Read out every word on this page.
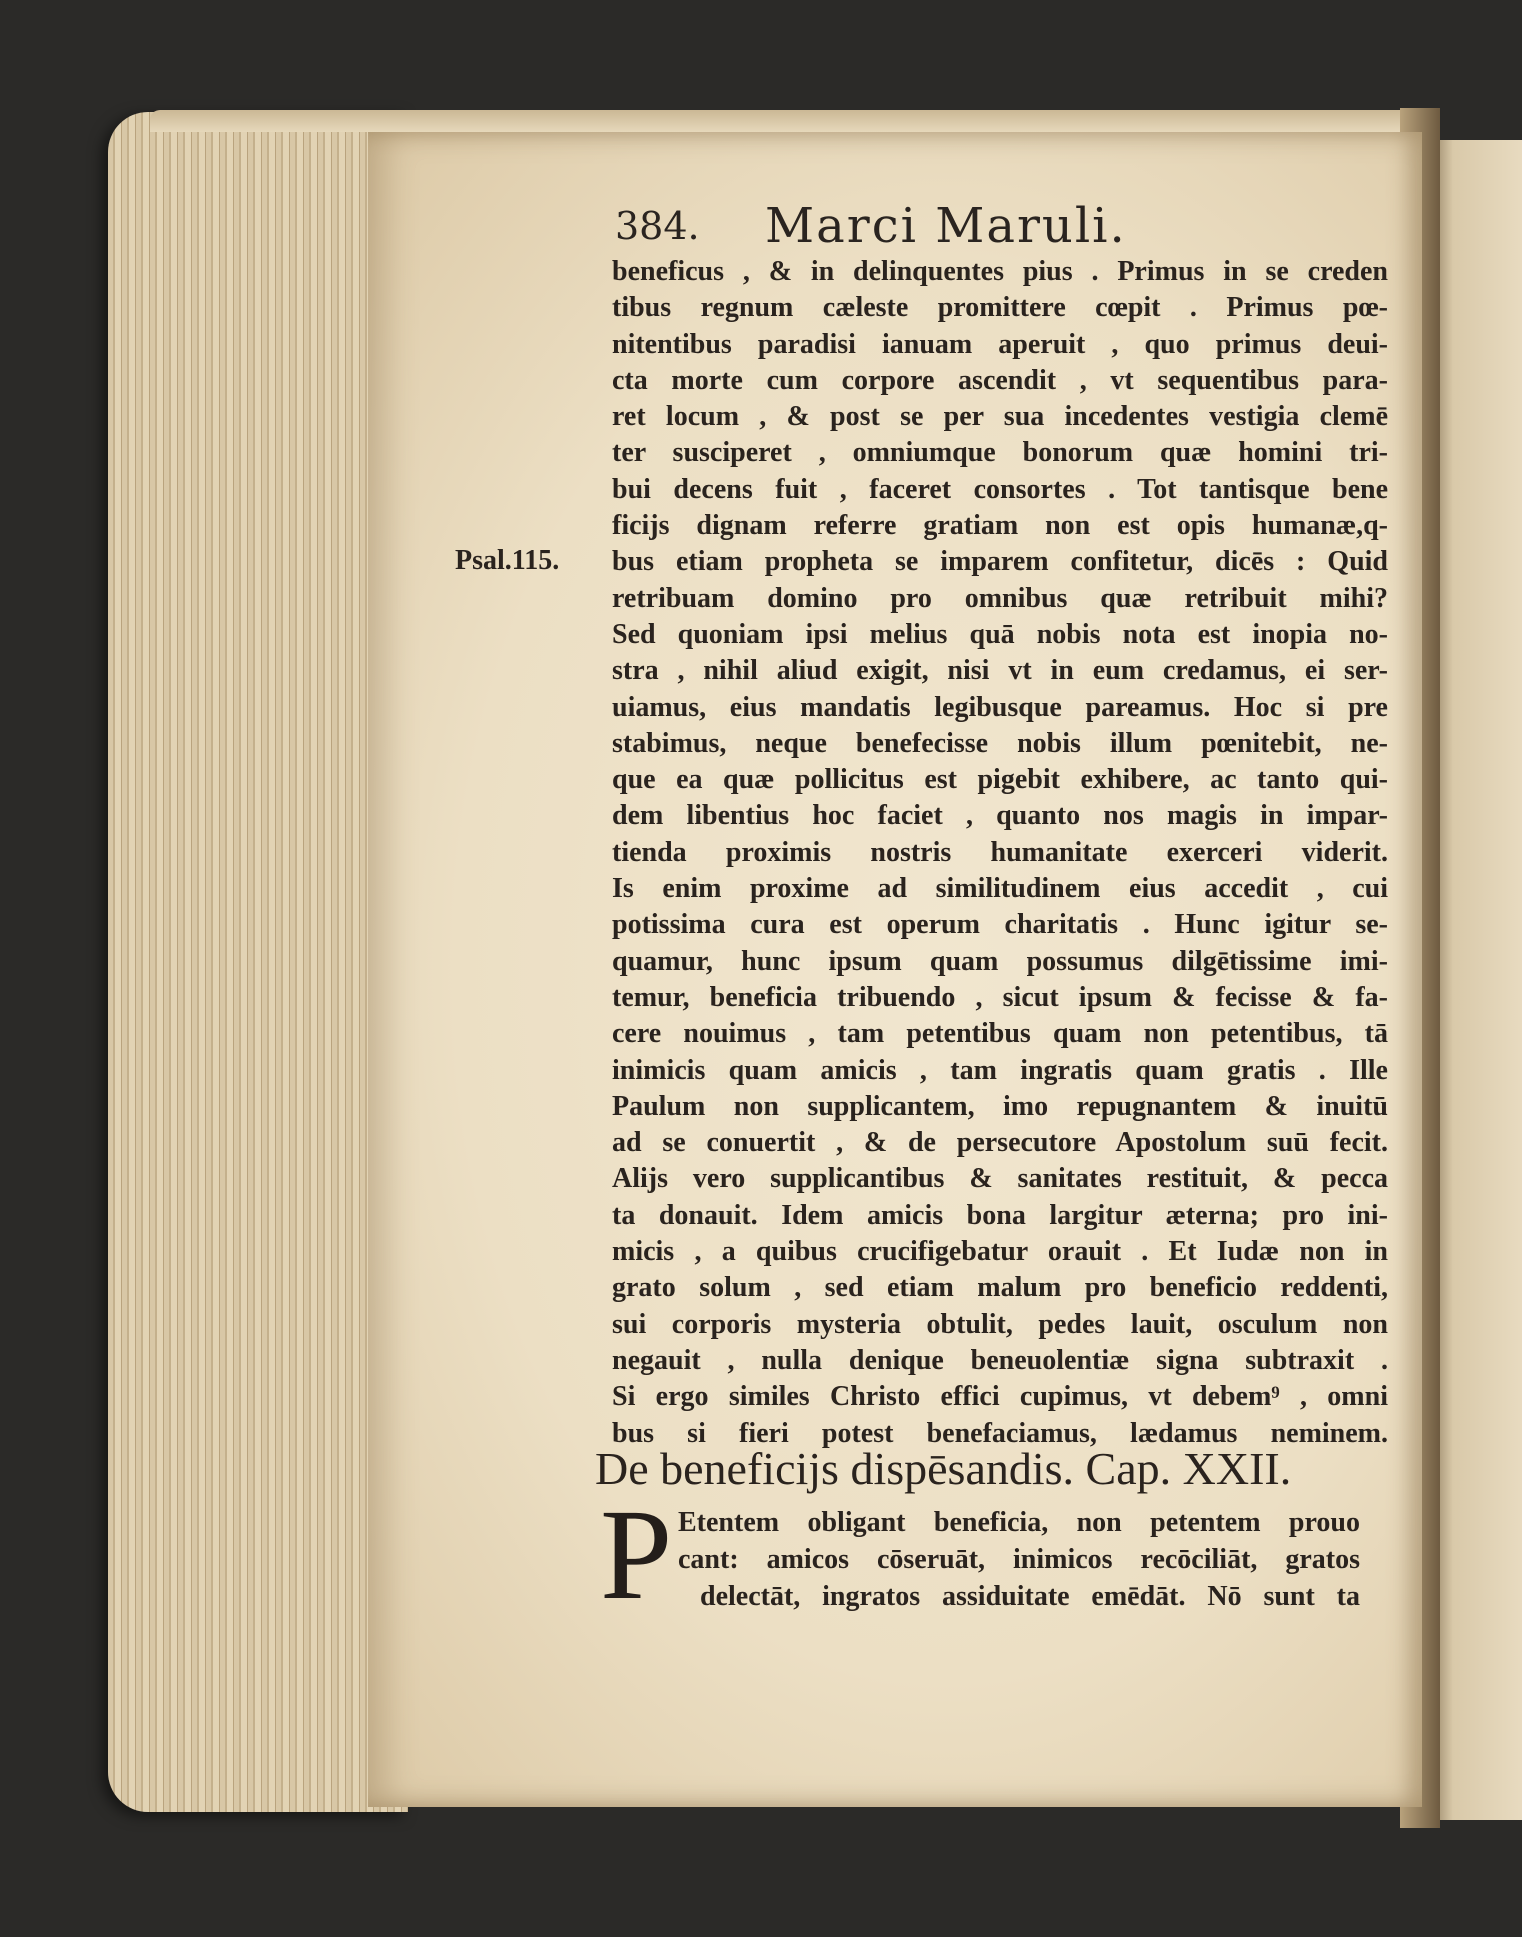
384. Marci Maruli.
Psal.115.
beneficus , & in delinquentes pius . Primus in se creden
tibus regnum cæleste promittere cœpit . Primus pœ-
nitentibus paradisi ianuam aperuit , quo primus deui-
cta morte cum corpore ascendit , vt sequentibus para-
ret locum , & post se per sua incedentes vestigia clemē
ter susciperet , omniumque bonorum quæ homini tri-
bui decens fuit , faceret consortes . Tot tantisque bene
ficijs dignam referre gratiam non est opis humanæ,q-
bus etiam propheta se imparem confitetur, dicēs : Quid
retribuam domino pro omnibus quæ retribuit mihi?
Sed quoniam ipsi melius quā nobis nota est inopia no-
stra , nihil aliud exigit, nisi vt in eum credamus, ei ser-
uiamus, eius mandatis legibusque pareamus. Hoc si pre
stabimus, neque benefecisse nobis illum pœnitebit, ne-
que ea quæ pollicitus est pigebit exhibere, ac tanto qui-
dem libentius hoc faciet , quanto nos magis in impar-
tienda proximis nostris humanitate exerceri viderit.
Is enim proxime ad similitudinem eius accedit , cui
potissima cura est operum charitatis . Hunc igitur se-
quamur, hunc ipsum quam possumus dilgētissime imi-
temur, beneficia tribuendo , sicut ipsum & fecisse & fa-
cere nouimus , tam petentibus quam non petentibus, tā
inimicis quam amicis , tam ingratis quam gratis . Ille
Paulum non supplicantem, imo repugnantem & inuitū
ad se conuertit , & de persecutore Apostolum suū fecit.
Alijs vero supplicantibus & sanitates restituit, & pecca
ta donauit. Idem amicis bona largitur æterna; pro ini-
micis , a quibus crucifigebatur orauit . Et Iudæ non in
grato solum , sed etiam malum pro beneficio reddenti,
sui corporis mysteria obtulit, pedes lauit, osculum non
negauit , nulla denique beneuolentiæ signa subtraxit .
Si ergo similes Christo effici cupimus, vt debem⁹ , omni
bus si fieri potest benefaciamus, lædamus neminem.
De beneficijs dispēsandis. Cap. XXII.
P Etentem obligant beneficia, non petentem prouo
cant: amicos cōseruāt, inimicos recōciliāt, gratos
delectāt, ingratos assiduitate emēdāt. Nō sunt ta
